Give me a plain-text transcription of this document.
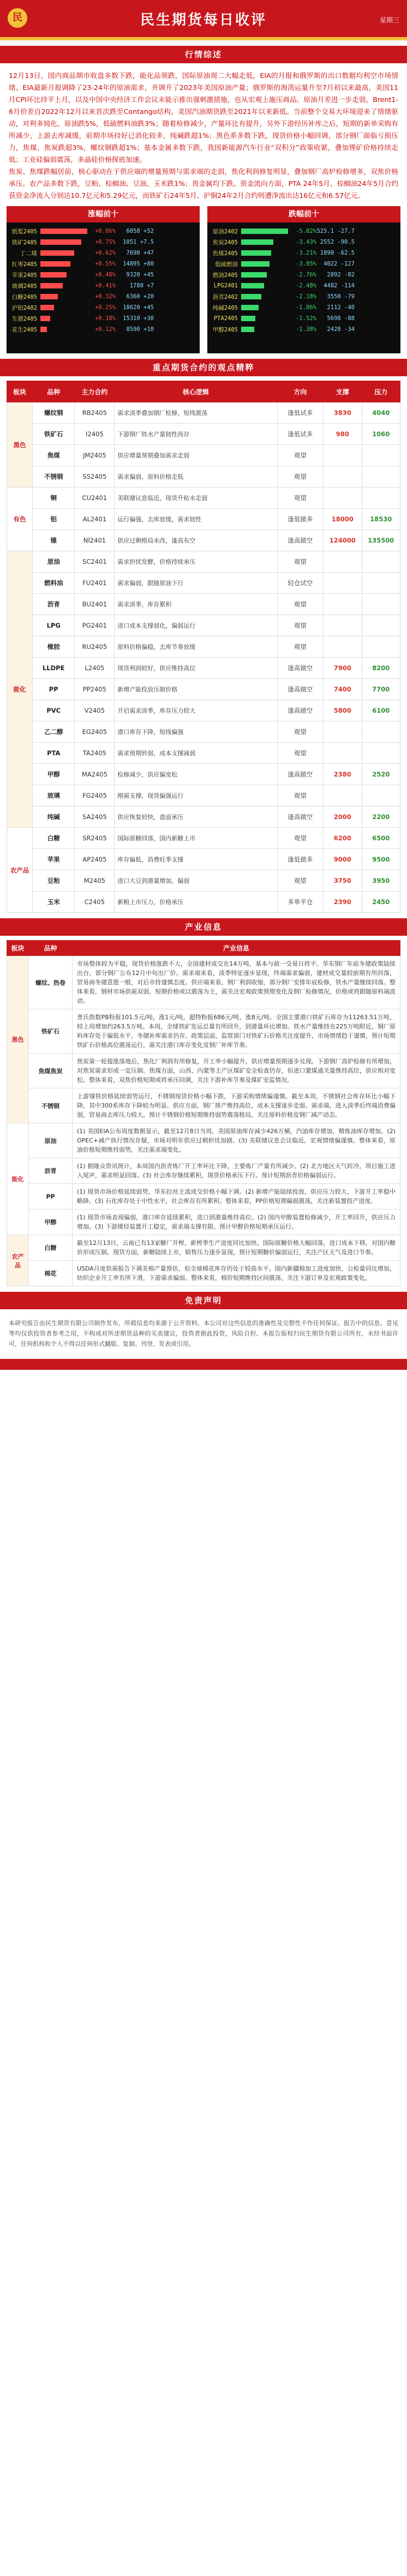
民	民生期货每日收评	星期三
行情综述

12月13日，国内商品期市收盘多数下跌，能化品领跌，国际原油周二大幅走低，EIA的月报和俄罗斯的出口数据均利空市场情绪。EIA最新月报调降了23-24年的原油需求，并调升了2023年美国原油产量；俄罗斯的海湾运量升至7月初以来最高，美国11月CPI环比持平上月，以及中国中央经济工作会议未能示推出强刺激措施，也从宏观上施压商品。原油月差进一步走弱，Brent1-6月价差自2022年12月以来首次跌至Contango结构，美国汽油期货跌至2021年以来新低。当前整个交易大环境迎来了情绪驱动，对利多钝化。原油跌5%，低硫燃料油跌3%；随着检修减少，产量环比有提升，另外下游经历补库之后，短期的新单采购有所减少，上游去库减缓，前期市场持好已消化较多，纯碱跌超1%；黑色系多数下跌，现货价格小幅回调，部分钢厂面临亏损压力，焦煤、焦炭跌超3%，螺纹钢跌超1%；基本金属多数下跌，我国新能源汽车行业“双积分”政策收紧，叠加锂矿价格持续走低；工业硅偏弱震荡，多晶硅价格探底加速。

焦炭、焦煤跌幅居前，核心驱动在于供应端的增量预期与需求端的走弱，焦化利润修复明显，叠加钢厂高炉检修增多，双焦价格承压。农产品多数下跌，豆粕、棕榈油、豆油、玉米跌1%；贵金属均下跌。资金流向方面，PTA 24年5月、棕榈油24年5月合约获资金净流入分别达10.7亿元和5.29亿元，而铁矿石24年5月、沪铜24年2月合约则遭净流出达16亿元和6.57亿元。

涨幅前十
纸浆2405	+0.86%	6058 +52
铁矿2405	+0.75%	1051 +7.5
丁二烯	+0.62%	7690 +47
红枣2405	+0.55%	14895 +80
苹果2405	+0.48%	9320 +45
玻璃2405	+0.41%	1780 +7
白糖2405	+0.32%	6360 +20
沪铝2402	+0.25%	18620 +45
生猪2405	+0.18%	15310 +30
花生2405	+0.12%	8590 +10
跌幅前十
原油2402	-5.02% 525.1 -27.7
焦炭2405	-3.43% 2552 -90.5
焦煤2405	-3.21% 1890 -62.5
低硫燃油	-3.05%	4022 -127
燃油2405	-2.76%	2892 -82
LPG2401	-2.48%	4482 -114
沥青2402	-2.18%	3550 -79
纯碱2405	-1.86%	2112 -40
PTA2405	-1.52%	5698 -88
甲醇2405	-1.38%	2428 -34
重点期货合约的观点精粹
板块	品种	主力合约	核心逻辑	方向	支撑	压力
黑色	螺纹钢	RB2405	需求淡季叠加钢厂检修，短线震荡	逢低试多	3830	4040
	铁矿石	I2405	下游钢厂铁水产量韧性尚存	逢低试多	980	1060
	焦煤	JM2405	供应增量预期叠加需求走弱	观望		
	不锈钢	SS2405	需求偏弱，原料价格走低	观望		
有色	铜	CU2401	美联储议息临近，现货升贴水走弱	观望		
	铝	AL2401	运行偏强，去库放缓，需求韧性	逢低做多	18000	18530
	镍	NI2401	供应过剩格局未改，逢高布空	逢高做空	124000	135500
能化	原油	SC2401	需求担忧发酵，价格持续承压	观望		
	燃料油	FU2401	需求偏弱，跟随原油下行	轻仓试空		
	沥青	BU2401	需求淡季，库存累积	观望		
	LPG	PG2401	进口成本支撑弱化，偏弱运行	观望		
	橡胶	RU2405	原料价格偏稳，去库节奏放缓	观望		
	LLDPE	L2405	现货利润较好，供应维持高位	逢高做空	7900	8200
	PP	PP2405	新增产能投放压制价格	逢高做空	7400	7700
	PVC	V2405	开启需求淡季，库存压力较大	逢高做空	5800	6100
	乙二醇	EG2405	港口库存下降，短线偏强	观望		
	PTA	TA2405	需求预期转弱，成本支撑减弱	观望		
	甲醇	MA2405	检修减少，供应偏宽松	逢高做空	2380	2520
	玻璃	FG2405	刚需支撑，现货偏强运行	观望		
	纯碱	SA2405	供应恢复较快，盘面承压	逢高做空	2000	2200
农产品	白糖	SR2405	国际原糖回落，国内新糖上市	观望	6200	6500
	苹果	AP2405	库存偏低，消费旺季支撑	逢低做多	9000	9500
	豆粕	M2405	进口大豆到港量增加，偏弱	观望	3750	3950
	玉米	C2405	新粮上市压力，价格承压	多单平仓	2390	2450
产业信息
板块	品种	产业信息
黑色	螺纹、热卷	市场整体较为平稳，现货价格涨跌不大，全国建材成交在14万吨，基本与前一交易日持平。华东钢厂年底冬储政策陆续出台，部分钢厂公布12月中旬出厂价。需求端来看，淡季特征逐步显现，终端需求偏弱，建材成交量较前期有所回落，贸易商冬储意愿一般，对后市持谨慎态度。供应端来看，钢厂利润收缩，部分钢厂安排年底检修，铁水产量继续回落。整体来看，钢材市场供需双弱，短期价格或以震荡为主，需关注宏观政策预期变化及钢厂检修情况，价格或将跟随原料端波动。
	铁矿石	普氏指数PB粉报101.5元/吨，涨1元/吨，超特粉报686元/吨，涨8元/吨。全国主要港口铁矿石库存为11263.51万吨，较上周增加约263.5万吨。本周，全球铁矿发运总量有所回升，到港量环比增加。铁水产量维持在225万吨附近，钢厂原料库存处于偏低水平，冬储补库需求仍存。政策层面，监管部门对铁矿石价格关注度提升，市场情绪趋于谨慎，预计短期铁矿石价格高位震荡运行，需关注港口库存变化及钢厂补库节奏。
	焦煤焦炭	焦炭第一轮提涨落地后，焦化厂利润有所修复，开工率小幅提升，供应增量预期逐步兑现。下游钢厂高炉检修有所增加，对焦炭需求形成一定压制。焦煤方面，山西、内蒙等主产区煤矿安全检查仍存，但进口蒙煤通关量维持高位，供应相对宽松。整体来看，双焦价格短期或将承压回调，关注下游补库节奏及煤矿安监情况。
	不锈钢	上游镍铁价格延续弱势运行，不锈钢现货价格小幅下跌，下游采购情绪偏谨慎。截至本周，不锈钢社会库存环比小幅下降，其中300系库存下降较为明显。供应方面，钢厂排产维持高位，成本支撑逐步走弱。需求端，进入淡季后终端消费偏弱，贸易商去库压力较大，预计不锈钢价格短期维持弱势震荡格局，关注原料价格及钢厂减产动态。
能化	原油	(1) 美国EIA公布周度数据显示，截至12月8日当周，美国原油库存减少426万桶，汽油库存增加，精炼油库存增加。(2) OPEC+减产执行情况存疑，市场对明年供应过剩担忧加剧。(3) 美联储议息会议临近，宏观情绪偏谨慎。整体来看，原油价格短期维持弱势，关注需求端变化。
	沥青	(1) 据隆众资讯统计，本周国内沥青炼厂开工率环比下降，主要炼厂产量有所减少。(2) 北方地区天气转冷，项目施工进入尾声，需求明显回落。(3) 社会库存继续累积，现货价格承压下行。预计短期沥青价格偏弱运行。
	PP	(1) 现货市场价格延续弱势，华东拉丝主流成交价格小幅下调。(2) 新增产能陆续投放，供应压力较大，下游开工率稳中略降。(3) 石化库存处于中性水平，社会库存有所累积。整体来看，PP价格短期偏弱震荡，关注新装置投产进度。
	甲醇	(1) 现货市场表现偏弱，港口库存延续累积，进口到港量维持高位。(2) 国内甲醇装置检修减少，开工率回升，供应压力增加。(3) 下游烯烃装置开工稳定，需求端支撑有限。预计甲醇价格短期承压运行。
农产品	白糖	截至12月13日，云南已有13家糖厂开榨，新榨季生产进度同比加快。国际原糖价格大幅回落，进口成本下移，对国内糖价形成压制。现货方面，新糖陆续上市，销售压力逐步显现，预计短期糖价偏弱运行，关注产区天气及进口节奏。
	棉花	USDA月度供需报告下调美棉产量预估，但全球棉花库存仍处于较高水平。国内新疆棉加工进度加快，公检量同比增加，纺织企业开工率有所下滑，下游需求偏弱。整体来看，棉价短期维持区间震荡，关注下游订单及宏观政策变化。
免责声明
本研究报告由民生期货有限公司制作发布，所载信息均来源于公开资料，本公司对这些信息的准确性及完整性不作任何保证。报告中的信息、意见等均仅供投资者参考之用，不构成对所述期货品种的买卖建议，投资者据此投资，风险自担。本报告版权归民生期货有限公司所有，未经书面许可，任何机构和个人不得以任何形式翻版、复制、刊登、发表或引用。
